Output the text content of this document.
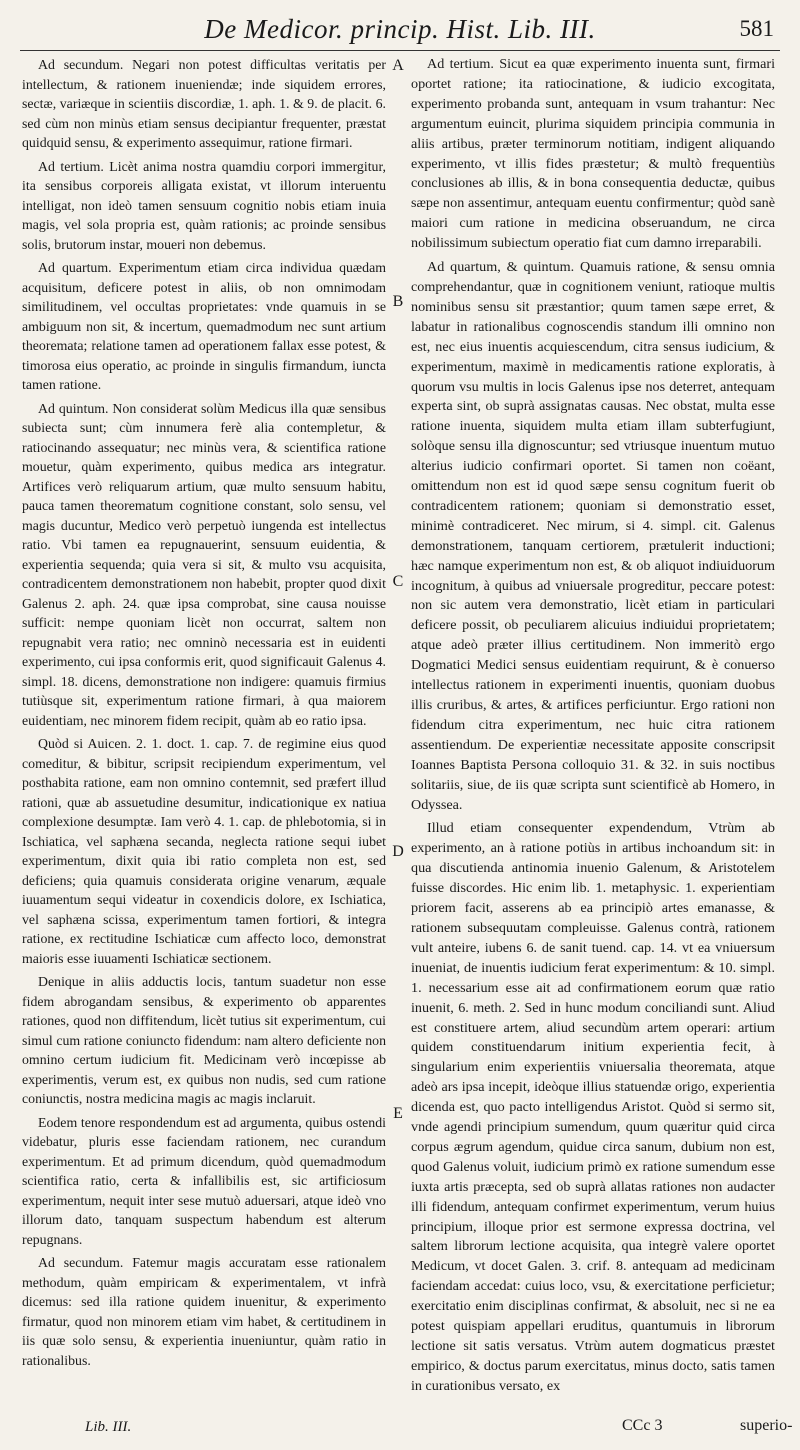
De Medicor. princip. Hist. Lib. III.	581

Ad secundum. Negari non potest difficultas veritatis per intellectum, & rationem inueniendæ; inde siquidem errores, sectæ, variæque in scientiis discordiæ, 1. aph. 1. & 9. de placit. 6. sed cùm non minùs etiam sensus decipiantur frequenter, præstat quidquid sensu, & experimento assequimur, ratione firmari.

Ad tertium. Licèt anima nostra quamdiu corpori immergitur, ita sensibus corporeis alligata existat, vt illorum interuentu intelligat, non ideò tamen sensuum cognitio nobis etiam inuia magis, vel sola propria est, quàm rationis; ac proinde sensibus solis, brutorum instar, moueri non debemus.

Ad quartum. Experimentum etiam circa individua quædam acquisitum, deficere potest in aliis, ob non omnimodam similitudinem, vel occultas proprietates: vnde quamuis in se ambiguum non sit, & incertum, quemadmodum nec sunt artium theoremata; relatione tamen ad operationem fallax esse potest, & timorosa eius operatio, ac proinde in singulis firmandum, iuncta tamen ratione.

Ad quintum. Non considerat solùm Medicus illa quæ sensibus subiecta sunt; cùm innumera ferè alia contempletur, & ratiocinando assequatur; nec minùs vera, & scientifica ratione mouetur, quàm experimento, quibus medica ars integratur. Artifices verò reliquarum artium, quæ multo sensuum habitu, pauca tamen theorematum cognitione constant, solo sensu, vel magis ducuntur, Medico verò perpetuò iungenda est intellectus ratio. Vbi tamen ea repugnauerint, sensuum euidentia, & experientia sequenda; quia vera si sit, & multo vsu acquisita, contradicentem demonstrationem non habebit, propter quod dixit Galenus 2. aph. 24. quæ ipsa comprobat, sine causa nouisse sufficit: nempe quoniam licèt non occurrat, saltem non repugnabit vera ratio; nec omninò necessaria est in euidenti experimento, cui ipsa conformis erit, quod significauit Galenus 4. simpl. 18. dicens, demonstratione non indigere: quamuis firmius tutiùsque sit, experimentum ratione firmari, à qua maiorem euidentiam, nec minorem fidem recipit, quàm ab eo ratio ipsa.

Quòd si Auicen. 2. 1. doct. 1. cap. 7. de regimine eius quod comeditur, & bibitur, scripsit recipiendum experimentum, vel posthabita ratione, eam non omnino contemnit, sed præfert illud rationi, quæ ab assuetudine desumitur, indicationique ex natiua complexione desumptæ. Iam verò 4. 1. cap. de phlebotomia, si in Ischiatica, vel saphæna secanda, neglecta ratione sequi iubet experimentum, dixit quia ibi ratio completa non est, sed deficiens; quia quamuis considerata origine venarum, æquale iuuamentum sequi videatur in coxendicis dolore, ex Ischiatica, vel saphæna scissa, experimentum tamen fortiori, & integra ratione, ex rectitudine Ischiaticæ cum affecto loco, demonstrat maioris esse iuuamenti Ischiaticæ sectionem.

Denique in aliis adductis locis, tantum suadetur non esse fidem abrogandam sensibus, & experimento ob apparentes rationes, quod non diffitendum, licèt tutius sit experimentum, cui simul cum ratione coniuncto fidendum: nam altero deficiente non omnino certum iudicium fit. Medicinam verò incœpisse ab experimentis, verum est, ex quibus non nudis, sed cum ratione coniunctis, nostra medicina magis ac magis inclaruit.

Eodem tenore respondendum est ad argumenta, quibus ostendi videbatur, pluris esse faciendam rationem, nec curandum experimentum. Et ad primum dicendum, quòd quemadmodum scientifica ratio, certa & infallibilis est, sic artificiosum experimentum, nequit inter sese mutuò aduersari, atque ideò vno illorum dato, tanquam suspectum habendum est alterum repugnans.

Ad secundum. Fatemur magis accuratam esse rationalem methodum, quàm empiricam & experimentalem, vt infrà dicemus: sed illa ratione quidem inuenitur, & experimento firmatur, quod non minorem etiam vim habet, & certitudinem in iis quæ solo sensu, & experientia inueniuntur, quàm ratio in rationalibus.

A
B
C
D
E

Ad tertium. Sicut ea quæ experimento inuenta sunt, firmari oportet ratione; ita ratiocinatione, & iudicio excogitata, experimento probanda sunt, antequam in vsum trahantur: Nec argumentum euincit, plurima siquidem principia communia in aliis artibus, præter terminorum notitiam, indigent aliquando experimento, vt illis fides præstetur; & multò frequentiùs conclusiones ab illis, & in bona consequentia deductæ, quibus sæpe non assentimur, antequam euentu confirmentur; quòd sanè maiori cum ratione in medicina obseruandum, ne circa nobilissimum subiectum operatio fiat cum damno irreparabili.

Ad quartum, & quintum. Quamuis ratione, & sensu omnia comprehendantur, quæ in cognitionem veniunt, ratioque multis nominibus sensu sit præstantior; quum tamen sæpe erret, & labatur in rationalibus cognoscendis standum illi omnino non est, nec eius inuentis acquiescendum, citra sensus iudicium, & experimentum, maximè in medicamentis ratione exploratis, à quorum vsu multis in locis Galenus ipse nos deterret, antequam experta sint, ob suprà assignatas causas. Nec obstat, multa esse ratione inuenta, siquidem multa etiam illam subterfugiunt, solòque sensu illa dignoscuntur; sed vtriusque inuentum mutuo alterius iudicio confirmari oportet. Si tamen non coëant, omittendum non est id quod sæpe sensu cognitum fuerit ob contradicentem rationem; quoniam si demonstratio esset, minimè contradiceret. Nec mirum, si 4. simpl. cit. Galenus demonstrationem, tanquam certiorem, prætulerit inductioni; hæc namque experimentum non est, & ob aliquot indiuiduorum incognitum, à quibus ad vniuersale progreditur, peccare potest: non sic autem vera demonstratio, licèt etiam in particulari deficere possit, ob peculiarem alicuius indiuidui proprietatem; atque adeò præter illius certitudinem. Non immeritò ergo Dogmatici Medici sensus euidentiam requirunt, & è conuerso intellectus rationem in experimenti inuentis, quoniam duobus illis cruribus, & artes, & artifices perficiuntur. Ergo rationi non fidendum citra experimentum, nec huic citra rationem assentiendum. De experientiæ necessitate apposite conscripsit Ioannes Baptista Persona colloquio 31. & 32. in suis noctibus solitariis, siue, de iis quæ scripta sunt scientificè ab Homero, in Odyssea.

Illud etiam consequenter expendendum, Vtrùm ab experimento, an à ratione potiùs in artibus inchoandum sit: in qua discutienda antinomia inuenio Galenum, & Aristotelem fuisse discordes. Hic enim lib. 1. metaphysic. 1. experientiam priorem facit, asserens ab ea principiò artes emanasse, & rationem subsequutam compleuisse. Galenus contrà, rationem vult anteire, iubens 6. de sanit tuend. cap. 14. vt ea vniuersum inueniat, de inuentis iudicium ferat experimentum: & 10. simpl. 1. necessarium esse ait ad confirmationem eorum quæ ratio inuenit, 6. meth. 2. Sed in hunc modum conciliandi sunt. Aliud est constituere artem, aliud secundùm artem operari: artium quidem constituendarum initium experientia fecit, à singularium enim experientiis vniuersalia theoremata, atque adeò ars ipsa incepit, ideòque illius statuendæ origo, experientia dicenda est, quo pacto intelligendus Aristot. Quòd si sermo sit, vnde agendi principium sumendum, quum quæritur quid circa corpus ægrum agendum, quidue circa sanum, dubium non est, quod Galenus voluit, iudicium primò ex ratione sumendum esse iuxta artis præcepta, sed ob suprà allatas rationes non audacter illi fidendum, antequam confirmet experimentum, verum huius principium, illoque prior est sermone expressa doctrina, vel saltem librorum lectione acquisita, qua integrè valere oportet Medicum, vt docet Galen. 3. crif. 8. antequam ad medicinam faciendam accedat: cuius loco, vsu, & exercitatione perficietur; exercitatio enim disciplinas confirmat, & absoluit, nec si ne ea potest quispiam appellari eruditus, quantumuis in librorum lectione sit satis versatus. Vtrùm autem dogmaticus præstet empirico, & doctus parum exercitatus, minus docto, satis tamen in curationibus versato, ex

Lib. III.	CCc 3	superio-
